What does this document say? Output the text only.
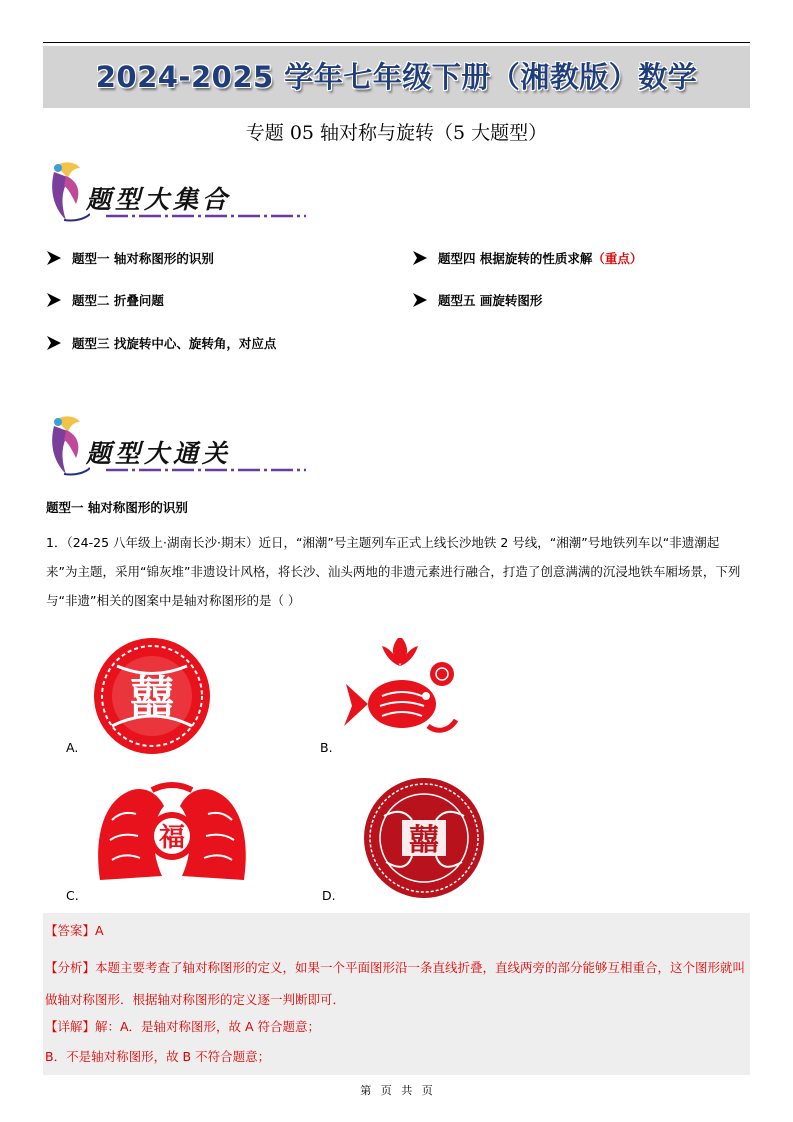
2024-2025 学年七年级下册（湘教版）数学
专题 05 轴对称与旋转（5 大题型）
题型大集合
题型一 轴对称图形的识别
题型二 折叠问题
题型三 找旋转中心、旋转角，对应点
题型四 根据旋转的性质求解 （重点）
题型五 画旋转图形
题型大通关
题型一 轴对称图形的识别
1．（24-25 八年级上·湖南长沙·期末）近日，“湘潮”号主题列车正式上线长沙地铁 2 号线，“湘潮”号地铁列车以“非遗潮起来”为主题，采用“锦灰堆”非遗设计风格，将长沙、汕头两地的非遗元素进行融合，打造了创意满满的沉浸地铁车厢场景，下列与“非遗”相关的图案中是轴对称图形的是（ ）
囍
A.	B.
福
C.
囍
D.
【答案】A
【分析】本题主要考查了轴对称图形的定义，如果一个平面图形沿一条直线折叠，直线两旁的部分能够互相重合，这个图形就叫做轴对称图形．根据轴对称图形的定义逐一判断即可．
【详解】解：A．是轴对称图形，故 A 符合题意；
B．不是轴对称图形，故 B 不符合题意；
第 页 共 页
